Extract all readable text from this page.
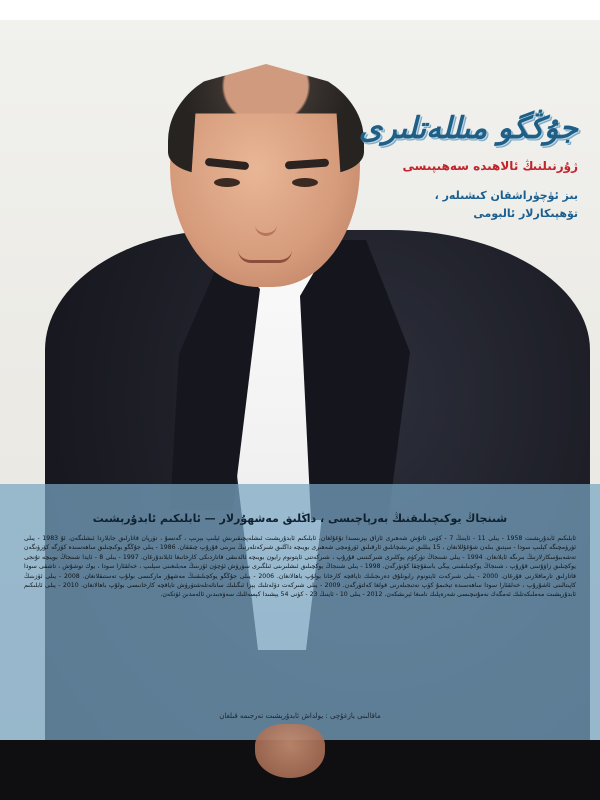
جۇڭگو مىللەتلىرى
ژۇرنىلنىڭ ئالاھىدە سەھىپىسى
بىز ئۈچۈراشقان كىشىلەر ،
تۆھپىكارلار ئالبومى
شىنجاڭ يوكىچىلىقنىڭ بەرپاچىسى ، داڭلىق مەشھۇرلار — ئابلىكىم ئابدۇرېشىت
ئابلىكىم ئابدۇرېشىت 1958 - يىلى 11 - ئاينىڭ 7 - كۈنى ئاتۇش شەھىرى ئازاق يېزىسىدا تۇغۇلغان. ئابلىكىم ئابدۇرېشىت ئىشلەپچىقىرىش ئېلىپ بېرىپ ، گەنسۇ ، تۈرپان قاتارلىق جايلاردا ئىشلىگەن. ئۇ 1983 - يىلى ئۈرۈمچىگە كېلىپ سودا - سېتىق بىلەن شۇغۇللانغان ، 15 يىللىق تىرىشچانلىق ئارقىلىق ئۈرۈمچى شەھىرى بويىچە داڭلىق شىركەتلەرنىڭ بىرىنى قۇرۇپ چىققان. 1986 - يىلى جۇڭگو يوكىچىلىق ساھەسىدە كۆزگە كۆرۈنگەن تەشەببۇسكارلارنىڭ بىرىگە ئايلانغان. 1994 - يىلى شىنجاڭ تۈركۈم يوكلىرى شىركىتىنى قۇرۇپ ، شىركەتنى ئاپتونوم رايون بويىچە ئالدىنقى قاتاردىكى كارخانىغا ئايلاندۇرغان. 1997 - يىلى 8 - ئايدا شىنجاڭ بويىچە تۇنجى يوكچىلىق زاۋۇتىنى قۇرۇپ ، شىنجاڭ يوكچىلىقىنى يېڭى باسقۇچقا كۆتۈرگەن. 1998 - يىلى شىنجاڭ يوكچىلىق ئىشلىرىنى ئىلگىرى سۈرۈش ئۈچۈن ئۆزىنىڭ مەبلىغىنى سېلىپ ، خەلقئارا سودا ، يوك توشۇش ، تاشقى سودا قاتارلىق تارماقلارنى قۇرغان. 2000 - يىلى شىركەت ئاپتونوم رايونلۇق دەرىجىلىك تاياقچە كارخانا بولۇپ باھالانغان. 2006 - يىلى جۇڭگو يوكچىلىقنىڭ مەشھۇر ماركىسى بولۇپ تەستىقلانغان. 2008 - يىلى ئۆزىنىڭ كاپىتالىنى ئاشۇرۇپ ، خەلقئارا سودا ساھەسىدە تېخىمۇ كۆپ نەتىجىلەرنى قولغا كەلتۈرگەن. 2009 - يىلى شىركەت دۆلەتلىك يېزا ئىگىلىك سانائەتلەشتۈرۈش تاياقچە كارخانىسى بولۇپ باھالانغان. 2010 - يىلى ئابلىكىم ئابدۇرېشىت مەملىكەتلىك ئەمگەك نەمۇنىچىسى شەرەپلىك نامىغا ئېرىشكەن. 2012 - يىلى 10 - ئاينىڭ 23 - كۈنى 54 يېشىدا كېسەللىك سەۋەبىدىن ئالەمدىن ئۆتكەن.
ماقالىنى يازغۇچى : يولداش ئابدۇرېشىت تەرجىمە قىلغان
